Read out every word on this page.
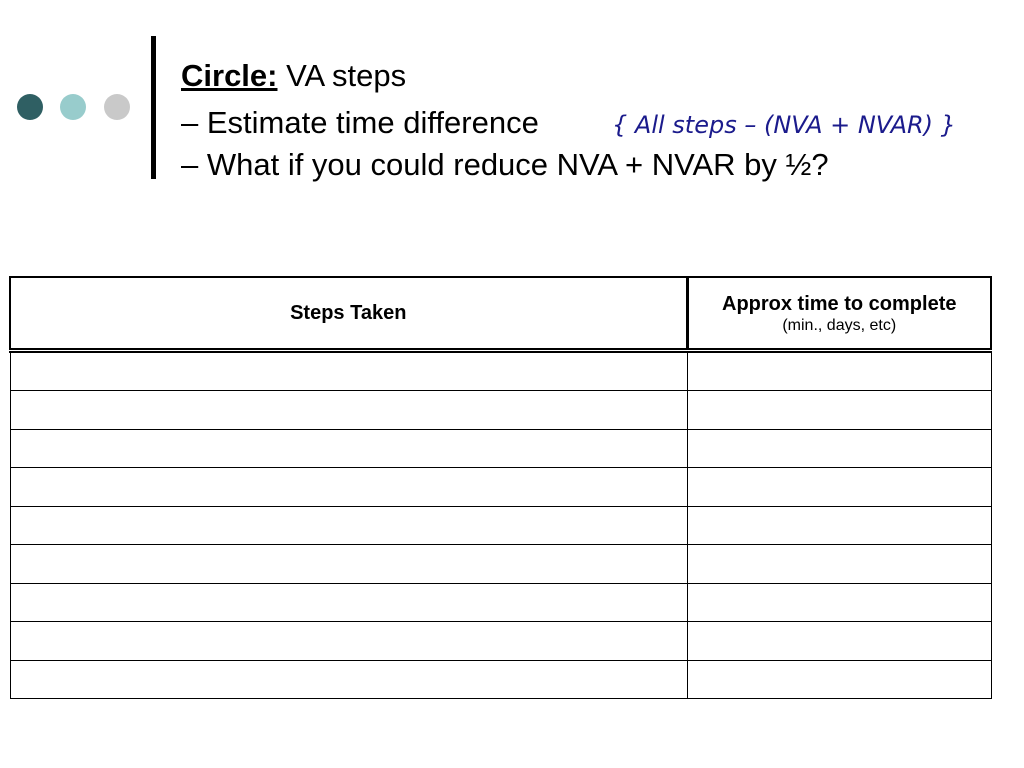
Circle: VA steps
– Estimate time difference	{ All steps – (NVA + NVAR) }
– What if you could reduce NVA + NVAR by ½?
Steps Taken	Approx time to complete
(min., days, etc)
